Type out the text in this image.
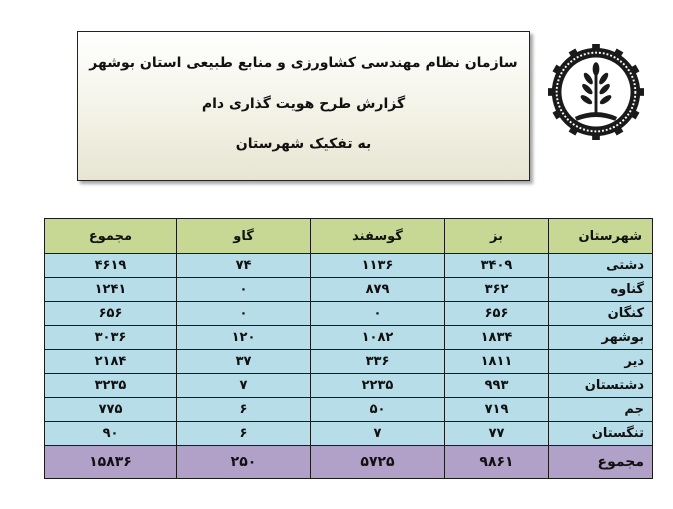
سازمان نظام مهندسی کشاورزی و منابع طبیعی استان بوشهر
گزارش طرح هویت گذاری دام
به تفکیک شهرستان
شهرستان	بز	گوسفند	گاو	مجموع
دشتی	۳۴۰۹	۱۱۳۶	۷۴	۴۶۱۹
گناوه	۳۶۲	۸۷۹	۰	۱۲۴۱
کنگان	۶۵۶	۰	۰	۶۵۶
بوشهر	۱۸۳۴	۱۰۸۲	۱۲۰	۳۰۳۶
دیر	۱۸۱۱	۳۳۶	۳۷	۲۱۸۴
دشتستان	۹۹۳	۲۲۳۵	۷	۳۲۳۵
جم	۷۱۹	۵۰	۶	۷۷۵
تنگستان	۷۷	۷	۶	۹۰
مجموع	۹۸۶۱	۵۷۲۵	۲۵۰	۱۵۸۳۶
